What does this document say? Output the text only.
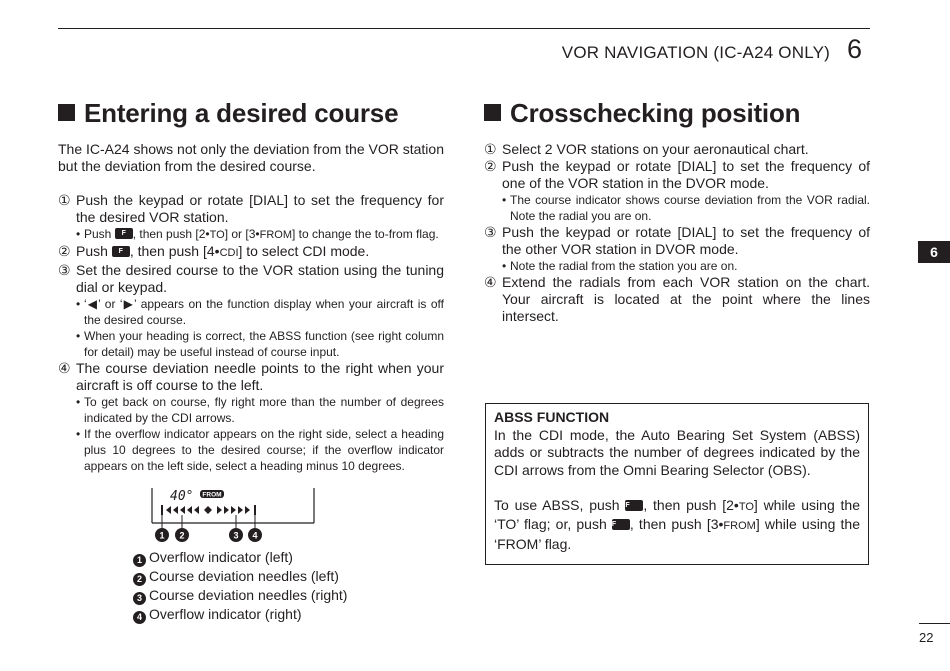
VOR NAVIGATION (IC-A24 ONLY) 6
Entering a desired course

The IC-A24 shows not only the deviation from the VOR station but the deviation from the desired course.

① Push the keypad or rotate [DIAL] to set the frequency for the desired VOR station.
• Push F , then push [2•TO] or [3•FROM] to change the to-from flag.
② Push F , then push [4•CDI] to select CDI mode.
③ Set the desired course to the VOR station using the tuning dial or keypad.
• ‘◀’ or ‘▶’ appears on the function display when your aircraft is off the desired course.
• When your heading is correct, the ABSS function (see right column for detail) may be useful instead of course input.
④ The course deviation needle points to the right when your aircraft is off course to the left.
• To get back on course, fly right more than the number of degrees indicated by the CDI arrows.
• If the overflow indicator appears on the right side, select a heading plus 10 degrees to the desired course; if the overflow indicator appears on the left side, select a heading minus 10 degrees.
40° FROM
1 2	3 4
1 Overflow indicator (left)
2 Course deviation needles (left)
3 Course deviation needles (right)
4 Overflow indicator (right)
Crosschecking position
① Select 2 VOR stations on your aeronautical chart.
② Push the keypad or rotate [DIAL] to set the frequency of one of the VOR station in the DVOR mode.
• The course indicator shows course deviation from the VOR radial. Note the radial you are on.
③ Push the keypad or rotate [DIAL] to set the frequency of the other VOR station in DVOR mode.
• Note the radial from the station you are on.
④ Extend the radials from each VOR station on the chart. Your aircraft is located at the point where the lines intersect.

ABSS FUNCTION

In the CDI mode, the Auto Bearing Set System (ABSS) adds or subtracts the number of degrees indicated by the CDI arrows from the Omni Bearing Selector (OBS).

To use ABSS, push F , then push [2•TO] while using the ‘TO’ flag; or, push F , then push [3•FROM] while using the ‘FROM’ flag.

6
22
